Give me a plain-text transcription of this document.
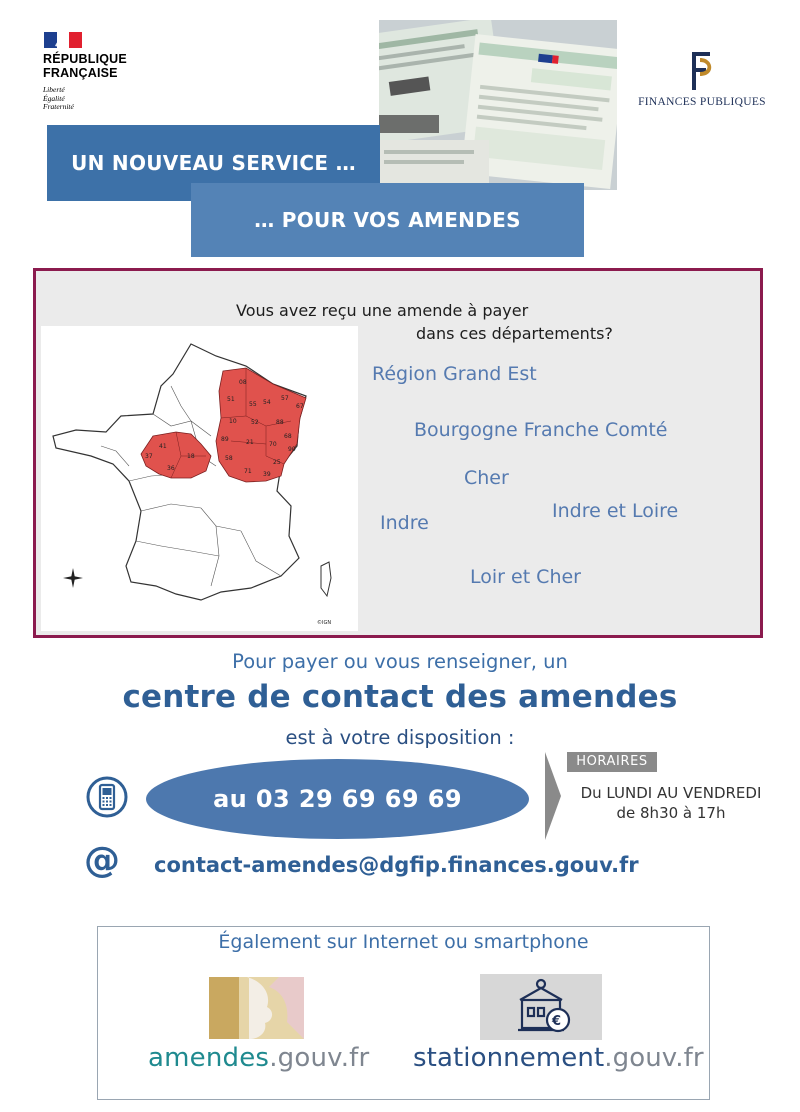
RÉPUBLIQUE
FRANÇAISE
Liberté
Égalité
Fraternité	FINANCES PUBLIQUES
UN NOUVEAU SERVICE …
… POUR VOS AMENDES
Vous avez reçu une amende à payer
dans ces départements?
08
51
55 54
57
67
10 52	88
68
41
89	21	70
90
37	18	58
25
36	71 39
©IGN
Région Grand Est
Bourgogne Franche Comté
Cher
Indre et Loire
Indre
Loir et Cher
Pour payer ou vous renseigner, un
centre de contact des amendes
est à votre disposition :
au 03 29 69 69 69
HORAIRES
Du LUNDI AU VENDREDI
de 8h30 à 17h
@ contact-amendes@dgfip.finances.gouv.fr
Également sur Internet ou smartphone
€
amendes.gouv.fr stationnement.gouv.fr
